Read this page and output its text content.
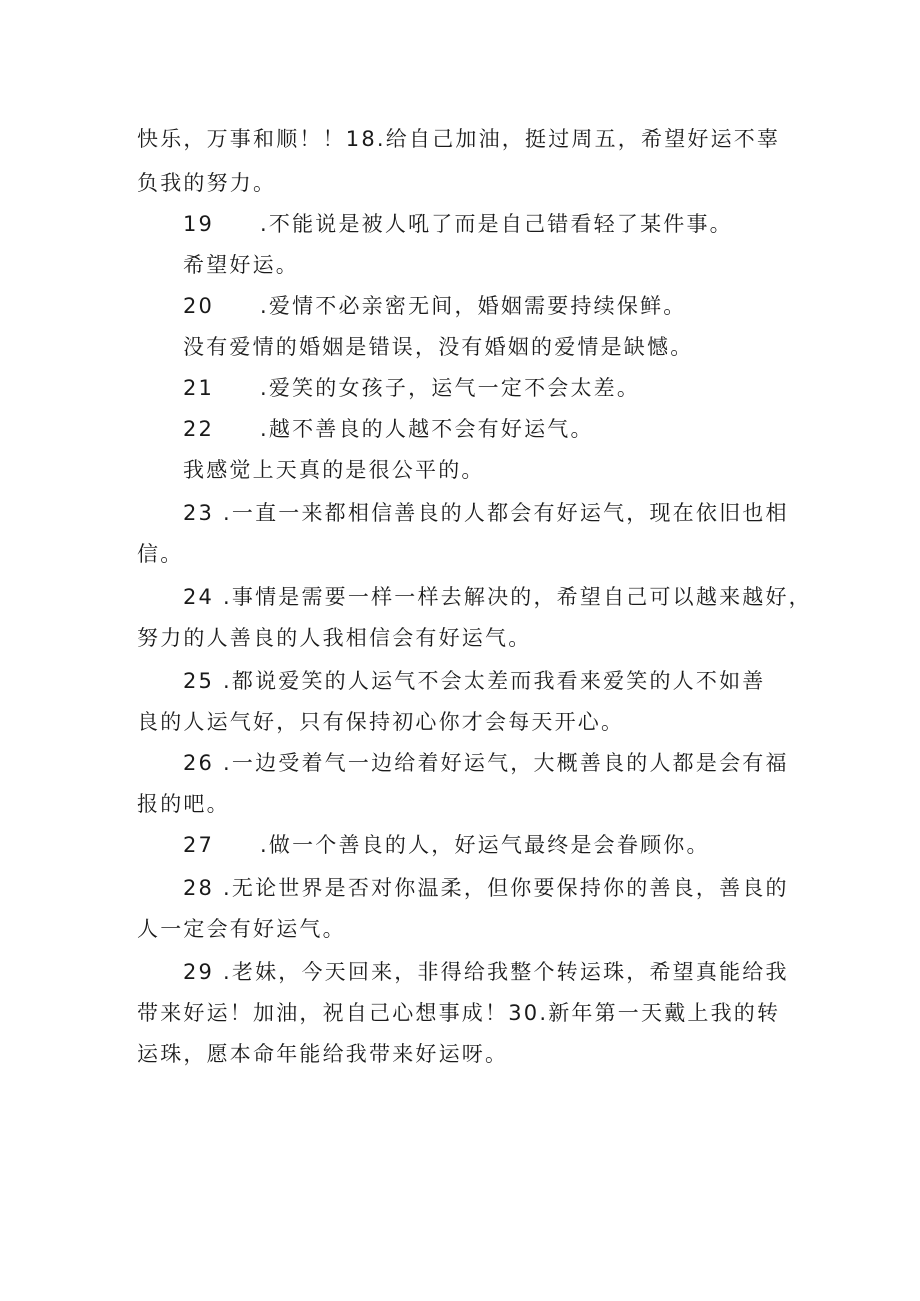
快乐，万事和顺！！18.给自己加油，挺过周五，希望好运不辜
负我的努力。
19 .不能说是被人吼了而是自己错看轻了某件事。
希望好运。
20 .爱情不必亲密无间，婚姻需要持续保鲜。
没有爱情的婚姻是错误，没有婚姻的爱情是缺憾。
21 .爱笑的女孩子，运气一定不会太差。
22 .越不善良的人越不会有好运气。
我感觉上天真的是很公平的。
23 .一直一来都相信善良的人都会有好运气，现在依旧也相
信。
24 .事情是需要一样一样去解决的，希望自己可以越来越好，
努力的人善良的人我相信会有好运气。
25 .都说爱笑的人运气不会太差而我看来爱笑的人不如善
良的人运气好，只有保持初心你才会每天开心。
26 .一边受着气一边给着好运气，大概善良的人都是会有福
报的吧。
27 .做一个善良的人，好运气最终是会眷顾你。
28 .无论世界是否对你温柔，但你要保持你的善良，善良的
人一定会有好运气。
29 .老妹，今天回来，非得给我整个转运珠，希望真能给我
带来好运！加油，祝自己心想事成！30.新年第一天戴上我的转
运珠，愿本命年能给我带来好运呀。
